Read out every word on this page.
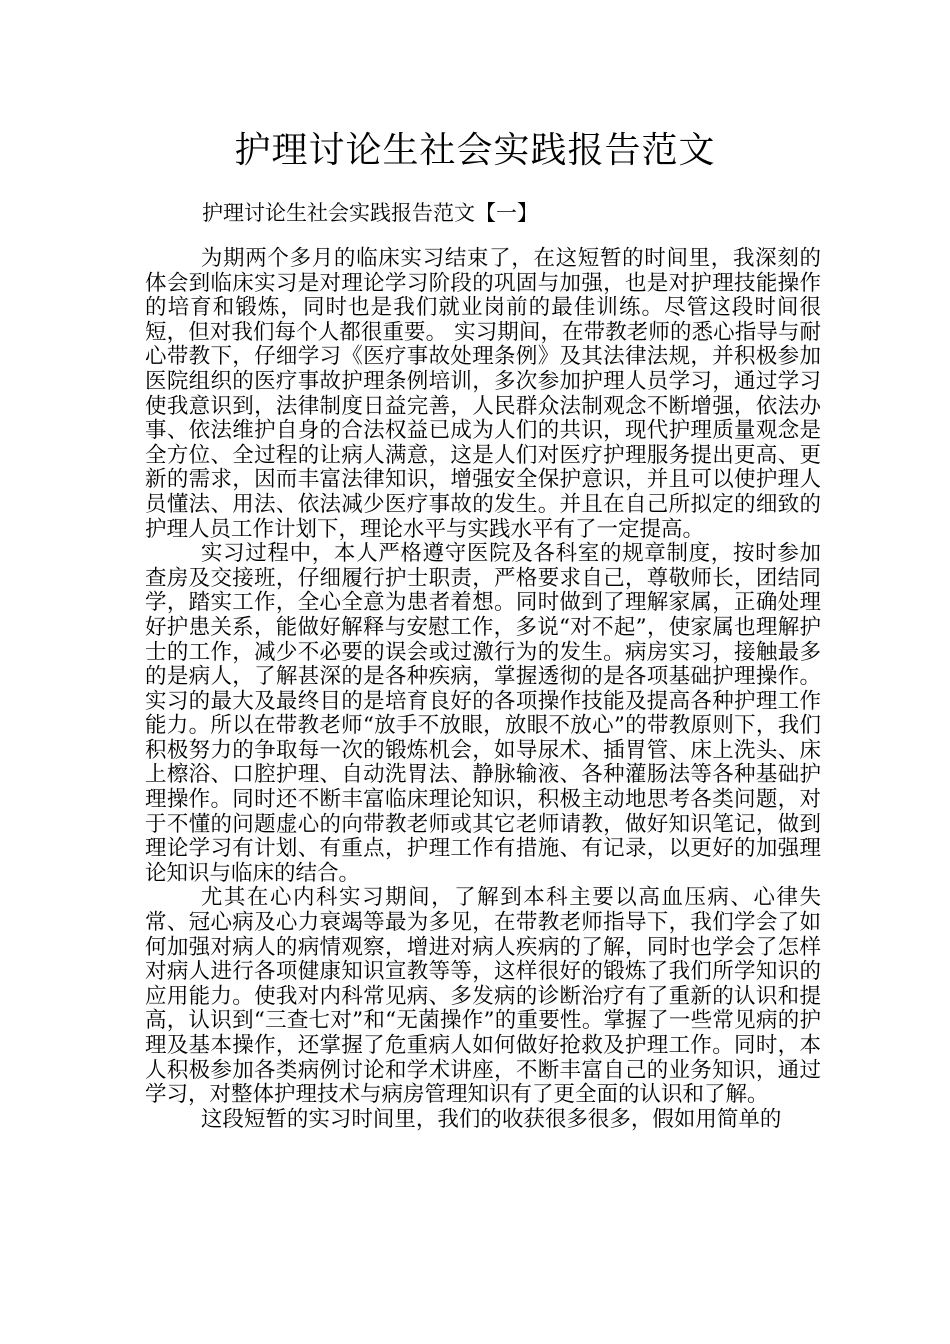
护理讨论生社会实践报告范文
护理讨论生社会实践报告范文【一】

为期两个多月的临床实习结束了，在这短暂的时间里，我深刻的体会到临床实习是对理论学习阶段的巩固与加强，也是对护理技能操作的培育和锻炼，同时也是我们就业岗前的最佳训练。尽管这段时间很短，但对我们每个人都很重要。 实习期间，在带教老师的悉心指导与耐心带教下，仔细学习《医疗事故处理条例》及其法律法规，并积极参加医院组织的医疗事故护理条例培训，多次参加护理人员学习，通过学习使我意识到，法律制度日益完善，人民群众法制观念不断增强，依法办事、依法维护自身的合法权益已成为人们的共识，现代护理质量观念是全方位、全过程的让病人满意，这是人们对医疗护理服务提出更高、更新的需求，因而丰富法律知识，增强安全保护意识，并且可以使护理人员懂法、用法、依法减少医疗事故的发生。并且在自己所拟定的细致的护理人员工作计划下，理论水平与实践水平有了一定提高。

实习过程中，本人严格遵守医院及各科室的规章制度，按时参加查房及交接班，仔细履行护士职责，严格要求自己，尊敬师长，团结同学，踏实工作，全心全意为患者着想。同时做到了理解家属，正确处理好护患关系，能做好解释与安慰工作，多说“对不起”，使家属也理解护士的工作，减少不必要的误会或过激行为的发生。病房实习，接触最多的是病人，了解甚深的是各种疾病，掌握透彻的是各项基础护理操作。实习的最大及最终目的是培育良好的各项操作技能及提高各种护理工作能力。所以在带教老师“放手不放眼，放眼不放心”的带教原则下，我们积极努力的争取每一次的锻炼机会，如导尿术、插胃管、床上洗头、床上檫浴、口腔护理、自动洗胃法、静脉输液、各种灌肠法等各种基础护理操作。同时还不断丰富临床理论知识，积极主动地思考各类问题，对于不懂的问题虚心的向带教老师或其它老师请教，做好知识笔记，做到理论学习有计划、有重点，护理工作有措施、有记录，以更好的加强理论知识与临床的结合。

尤其在心内科实习期间，了解到本科主要以高血压病、心律失常、冠心病及心力衰竭等最为多见，在带教老师指导下，我们学会了如何加强对病人的病情观察，增进对病人疾病的了解，同时也学会了怎样对病人进行各项健康知识宣教等等，这样很好的锻炼了我们所学知识的应用能力。使我对内科常见病、多发病的诊断治疗有了重新的认识和提高，认识到“三查七对”和“无菌操作”的重要性。掌握了一些常见病的护理及基本操作，还掌握了危重病人如何做好抢救及护理工作。同时，本人积极参加各类病例讨论和学术讲座，不断丰富自己的业务知识，通过学习，对整体护理技术与病房管理知识有了更全面的认识和了解。

这段短暂的实习时间里，我们的收获很多很多，假如用简单的
